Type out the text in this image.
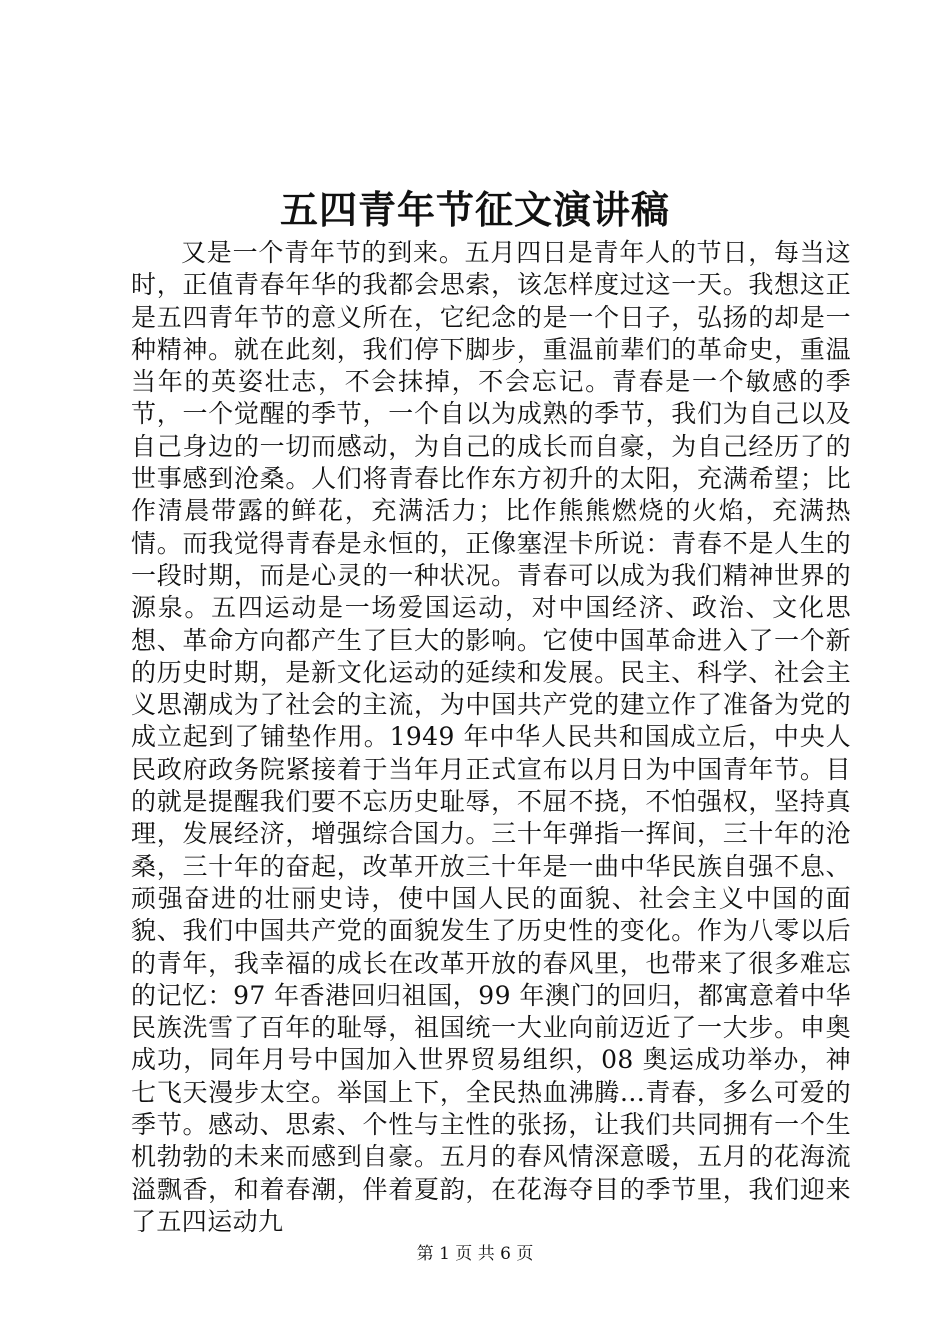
五四青年节征文演讲稿

又是一个青年节的到来。五月四日是青年人的节日，每当这时，正值青春年华的我都会思索，该怎样度过这一天。我想这正是五四青年节的意义所在，它纪念的是一个日子，弘扬的却是一种精神。就在此刻，我们停下脚步，重温前辈们的革命史，重温当年的英姿壮志，不会抹掉，不会忘记。青春是一个敏感的季节，一个觉醒的季节，一个自以为成熟的季节，我们为自己以及自己身边的一切而感动，为自己的成长而自豪，为自己经历了的世事感到沧桑。人们将青春比作东方初升的太阳，充满希望；比作清晨带露的鲜花，充满活力；比作熊熊燃烧的火焰，充满热情。而我觉得青春是永恒的，正像塞涅卡所说：青春不是人生的一段时期，而是心灵的一种状况。青春可以成为我们精神世界的源泉。五四运动是一场爱国运动，对中国经济、政治、文化思想、革命方向都产生了巨大的影响。它使中国革命进入了一个新的历史时期，是新文化运动的延续和发展。民主、科学、社会主义思潮成为了社会的主流，为中国共产党的建立作了准备为党的成立起到了铺垫作用。1949 年中华人民共和国成立后，中央人民政府政务院紧接着于当年月正式宣布以月日为中国青年节。目的就是提醒我们要不忘历史耻辱，不屈不挠，不怕强权，坚持真理，发展经济，增强综合国力。三十年弹指一挥间，三十年的沧桑，三十年的奋起，改革开放三十年是一曲中华民族自强不息、顽强奋进的壮丽史诗，使中国人民的面貌、社会主义中国的面貌、我们中国共产党的面貌发生了历史性的变化。作为八零以后的青年，我幸福的成长在改革开放的春风里，也带来了很多难忘的记忆：97 年香港回归祖国，99 年澳门的回归，都寓意着中华民族洗雪了百年的耻辱，祖国统一大业向前迈近了一大步。申奥成功，同年月号中国加入世界贸易组织，08 奥运成功举办，神七飞天漫步太空。举国上下，全民热血沸腾...青春，多么可爱的季节。感动、思索、个性与主性的张扬，让我们共同拥有一个生机勃勃的未来而感到自豪。五月的春风情深意暖，五月的花海流溢飘香，和着春潮，伴着夏韵，在花海夺目的季节里，我们迎来了五四运动九

第 1 页 共 6 页
